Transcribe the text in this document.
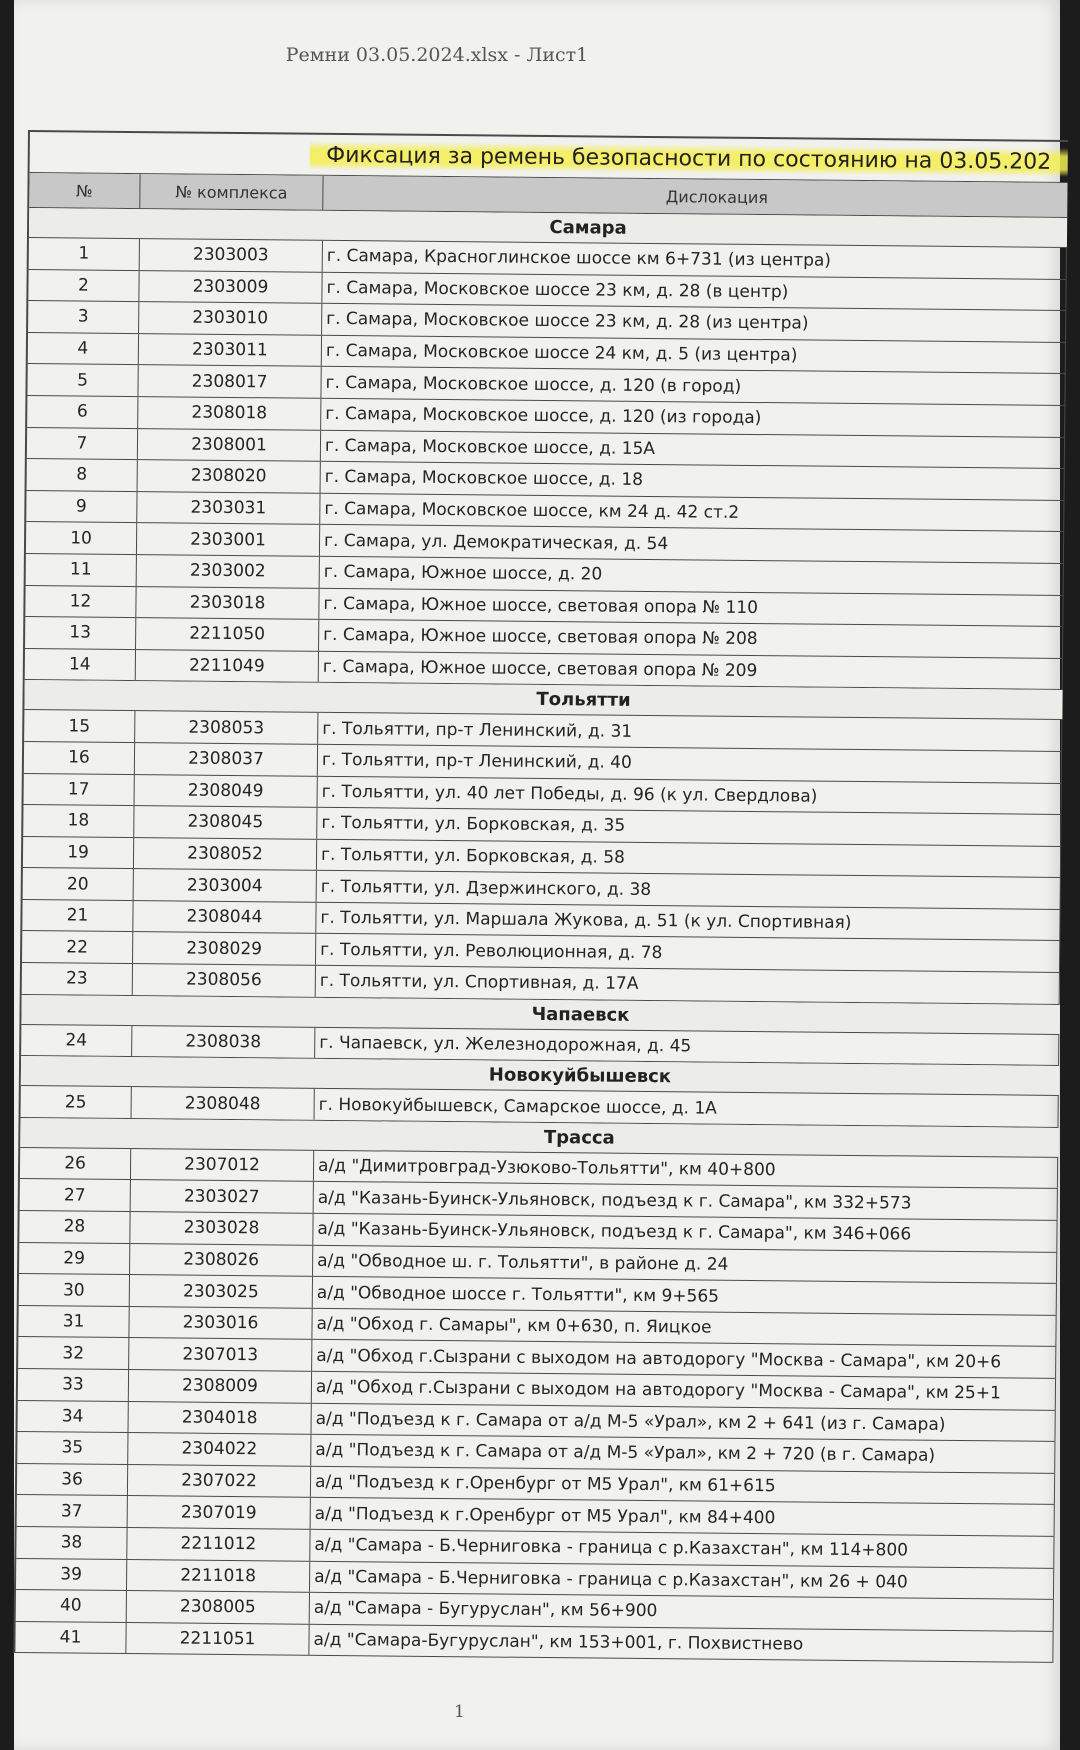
Ремни 03.05.2024.xlsx - Лист1
Фиксация за ремень безопасности по состоянию на 03.05.202
№	№ комплекса	Дислокация
Самара
1	2303003	г. Самара, Красноглинское шоссе км 6+731 (из центра)
2	2303009	г. Самара, Московское шоссе 23 км, д. 28 (в центр)
3	2303010	г. Самара, Московское шоссе 23 км, д. 28 (из центра)
4	2303011	г. Самара, Московское шоссе 24 км, д. 5 (из центра)
5	2308017	г. Самара, Московское шоссе, д. 120 (в город)
6	2308018	г. Самара, Московское шоссе, д. 120 (из города)
7	2308001	г. Самара, Московское шоссе, д. 15А
8	2308020	г. Самара, Московское шоссе, д. 18
9	2303031	г. Самара, Московское шоссе, км 24 д. 42 ст.2
10	2303001	г. Самара, ул. Демократическая, д. 54
11	2303002	г. Самара, Южное шоссе, д. 20
12	2303018	г. Самара, Южное шоссе, световая опора № 110
13	2211050	г. Самара, Южное шоссе, световая опора № 208
14	2211049	г. Самара, Южное шоссе, световая опора № 209
Тольятти
15	2308053	г. Тольятти, пр-т Ленинский, д. 31
16	2308037	г. Тольятти, пр-т Ленинский, д. 40
17	2308049	г. Тольятти, ул. 40 лет Победы, д. 96 (к ул. Свердлова)
18	2308045	г. Тольятти, ул. Борковская, д. 35
19	2308052	г. Тольятти, ул. Борковская, д. 58
20	2303004	г. Тольятти, ул. Дзержинского, д. 38
21	2308044	г. Тольятти, ул. Маршала Жукова, д. 51 (к ул. Спортивная)
22	2308029	г. Тольятти, ул. Революционная, д. 78
23	2308056	г. Тольятти, ул. Спортивная, д. 17А
Чапаевск
24	2308038	г. Чапаевск, ул. Железнодорожная, д. 45
Новокуйбышевск
25	2308048	г. Новокуйбышевск, Самарское шоссе, д. 1А
Трасса
26	2307012	а/д "Димитровград-Узюково-Тольятти", км 40+800
27	2303027	а/д "Казань-Буинск-Ульяновск, подъезд к г. Самара", км 332+573
28	2303028	а/д "Казань-Буинск-Ульяновск, подъезд к г. Самара", км 346+066
29	2308026	а/д "Обводное ш. г. Тольятти", в районе д. 24
30	2303025	а/д "Обводное шоссе г. Тольятти", км 9+565
31	2303016	а/д "Обход г. Самары", км 0+630, п. Яицкое
32	2307013	а/д "Обход г.Сызрани с выходом на автодорогу "Москва - Самара", км 20+6
33	2308009	а/д "Обход г.Сызрани с выходом на автодорогу "Москва - Самара", км 25+1
34	2304018	а/д "Подъезд к г. Самара от а/д М-5 «Урал», км 2 + 641 (из г. Самара)
35	2304022	а/д "Подъезд к г. Самара от а/д М-5 «Урал», км 2 + 720 (в г. Самара)
36	2307022	а/д "Подъезд к г.Оренбург от М5 Урал", км 61+615
37	2307019	а/д "Подъезд к г.Оренбург от М5 Урал", км 84+400
38	2211012	а/д "Самара - Б.Черниговка - граница с р.Казахстан", км 114+800
39	2211018	а/д "Самара - Б.Черниговка - граница с р.Казахстан", км 26 + 040
40	2308005	а/д "Самара - Бугуруслан", км 56+900
41	2211051	а/д "Самара-Бугуруслан", км 153+001, г. Похвистнево
1
